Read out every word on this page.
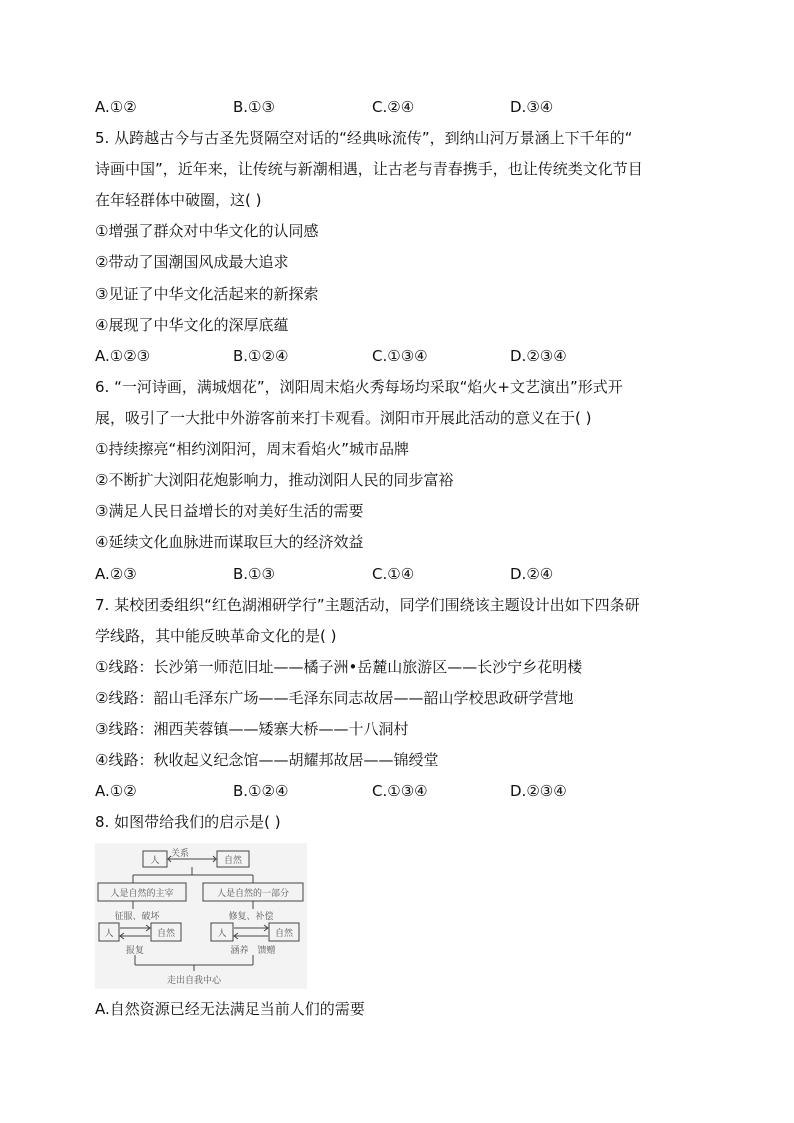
A.①②	B.①③	C.②④	D.③④
5. 从跨越古今与古圣先贤隔空对话的“经典咏流传”，到纳山河万景涵上下千年的“
诗画中国”，近年来，让传统与新潮相遇，让古老与青春携手，也让传统类文化节目
在年轻群体中破圈，这( )
①增强了群众对中华文化的认同感
②带动了国潮国风成最大追求
③见证了中华文化活起来的新探索
④展现了中华文化的深厚底蕴
A.①②③	B.①②④	C.①③④	D.②③④
6. “一河诗画，满城烟花”，浏阳周末焰火秀每场均采取“焰火+文艺演出”形式开
展，吸引了一大批中外游客前来打卡观看。浏阳市开展此活动的意义在于( )
①持续擦亮“相约浏阳河，周末看焰火”城市品牌
②不断扩大浏阳花炮影响力，推动浏阳人民的同步富裕
③满足人民日益增长的对美好生活的需要
④延续文化血脉进而谋取巨大的经济效益
A.②③	B.①③	C.①④	D.②④
7. 某校团委组织“红色湖湘研学行”主题活动，同学们围绕该主题设计出如下四条研
学线路，其中能反映革命文化的是( )
①线路：长沙第一师范旧址——橘子洲•岳麓山旅游区——长沙宁乡花明楼
②线路：韶山毛泽东广场——毛泽东同志故居——韶山学校思政研学营地
③线路：湘西芙蓉镇——矮寨大桥——十八洞村
④线路：秋收起义纪念馆——胡耀邦故居——锦绶堂
A.①②	B.①②④	C.①③④	D.②③④
8. 如图带给我们的启示是( )
关系
人	自然
人是自然的主宰	人是自然的一部分
征服、破坏	修复、补偿
人	自然	人	自然
报复	涵养　馈赠
走出自我中心
A.自然资源已经无法满足当前人们的需要
